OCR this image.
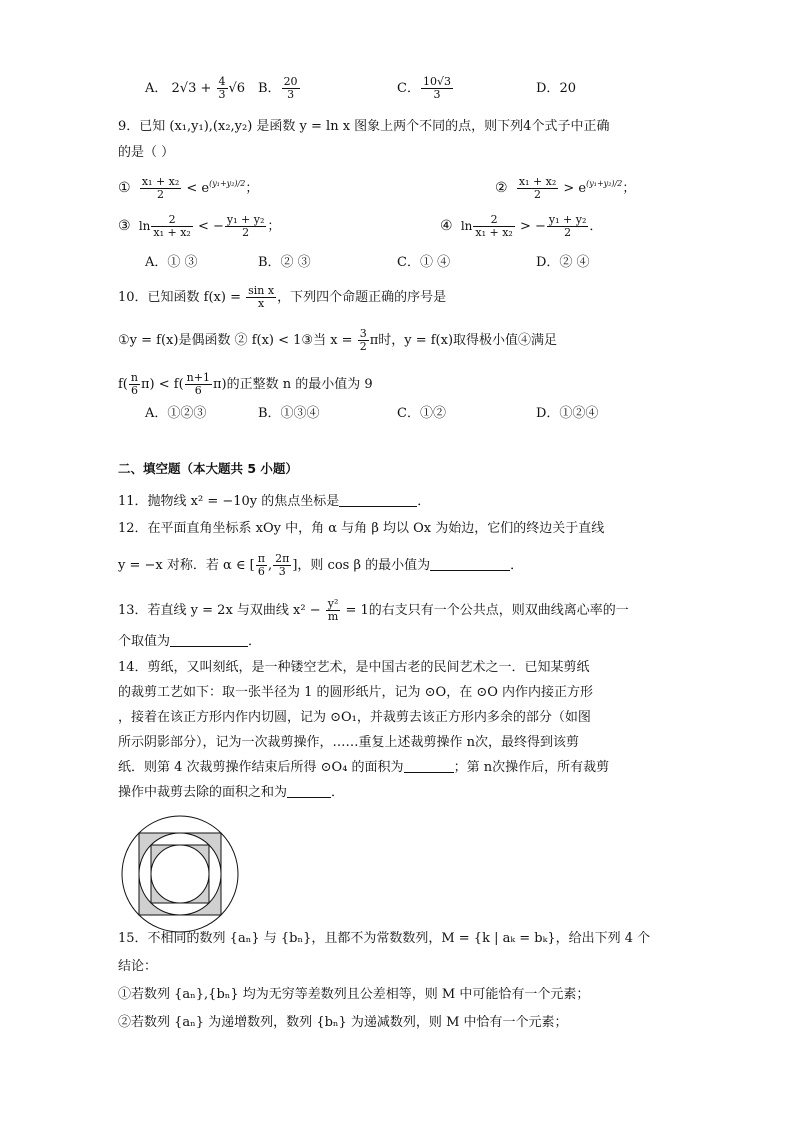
A． $2√3 + \frac{4}{3} √6$ B． $\frac{20}{3}$	C． $\frac{10√3}{3}$	D．20
9．已知 (x₁,y₁),(x₂,y₂) 是函数 y = ln x 图象上两个不同的点，则下列4个式子中正确
的是（ ）
① $\frac{\text{x₁ + x₂}}{2} < e^{(y_1+y_2)/2}$；	② $\frac{\text{x₁ + x₂}}{2} > e^{(y_1+y_2)/2}$；
③ $\ln \frac{2}{\text{x₁ + x₂}}$ < − $\frac{\text{y₁ + y₂}}{2}$ ；	④ $\ln \frac{2}{\text{x₁ + x₂}}$ > − $\frac{\text{y₁ + y₂}}{2}$ ．
A．① ③	B．② ③	C．① ④	D．② ④
10．已知函数 $f(x) = \frac{\text{sin x}}{x}$ ，下列四个命题正确的序号是
①y = f(x)是偶函数 ② f(x) < 1③当 $x = \frac{3}{2}$ π时，y = f(x)取得极小值④满足
$f( \frac{n}{6} \pi) < f( \frac{n+1}{6} \pi)$的正整数 n 的最小值为 9
A．①②③	B．①③④	C．①②	D．①②④
二、填空题（本大题共 5 小题）
11．抛物线 x² = −10y 的焦点坐标是	．
12．在平面直角坐标系 xOy 中，角 α 与角 β 均以 Ox 为始边，它们的终边关于直线
y = −x 对称．若 α ∈ [ $\frac{\pi}{6}$ , $\frac{2\pi}{3}$ ]，则 cos β 的最小值为	．
13．若直线 y = 2x 与双曲线 $x^2 - \frac{\text{y²}}{m} = 1$的右支只有一个公共点，则双曲线离心率的一
个取值为	．
14．剪纸，又叫刻纸，是一种镂空艺术，是中国古老的民间艺术之一．已知某剪纸
的裁剪工艺如下：取一张半径为 1 的圆形纸片，记为 ⊙O，在 ⊙O 内作内接正方形
，接着在该正方形内作内切圆，记为 ⊙O₁，并裁剪去该正方形内多余的部分（如图
所示阴影部分），记为一次裁剪操作，……重复上述裁剪操作 n次，最终得到该剪
纸．则第 4 次裁剪操作结束后所得 ⊙O₄ 的面积为	；第 n次操作后，所有裁剪
操作中裁剪去除的面积之和为	．
15．不相同的数列 {aₙ} 与 {bₙ}，且都不为常数数列，M = {k | aₖ = bₖ}，给出下列 4 个
结论：
①若数列 {aₙ},{bₙ} 均为无穷等差数列且公差相等，则 M 中可能恰有一个元素；
②若数列 {aₙ} 为递增数列，数列 {bₙ} 为递减数列，则 M 中恰有一个元素；
